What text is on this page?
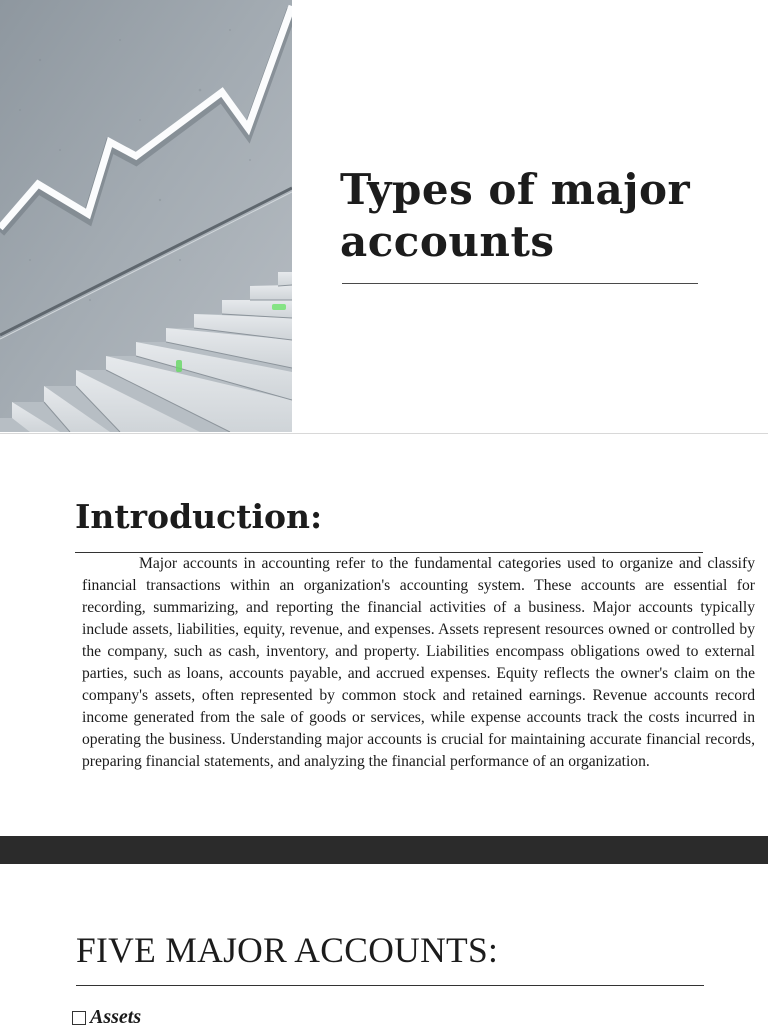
Types of major accounts
Introduction:

Major accounts in accounting refer to the fundamental categories used to organize and classify financial transactions within an organization's accounting system. These accounts are essential for recording, summarizing, and reporting the financial activities of a business. Major accounts typically include assets, liabilities, equity, revenue, and expenses. Assets represent resources owned or controlled by the company, such as cash, inventory, and property. Liabilities encompass obligations owed to external parties, such as loans, accounts payable, and accrued expenses. Equity reflects the owner's claim on the company's assets, often represented by common stock and retained earnings. Revenue accounts record income generated from the sale of goods or services, while expense accounts track the costs incurred in operating the business. Understanding major accounts is crucial for maintaining accurate financial records, preparing financial statements, and analyzing the financial performance of an organization.

FIVE MAJOR ACCOUNTS:
Assets
